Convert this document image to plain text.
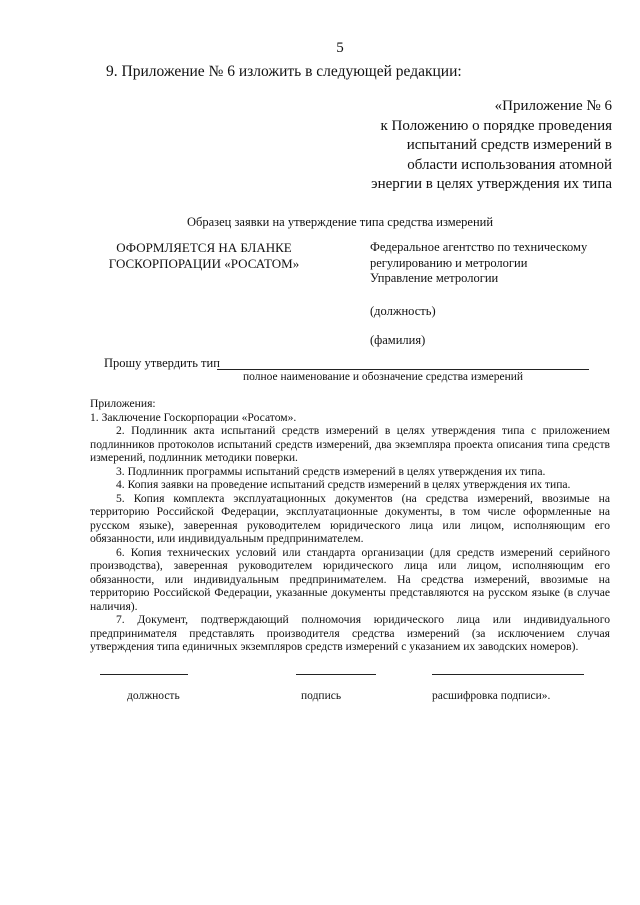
5
9. Приложение № 6 изложить в следующей редакции:
«Приложение № 6
к Положению о порядке проведения
испытаний средств измерений в
области использования атомной
энергии в целях утверждения их типа
Образец заявки на утверждение типа средства измерений
ОФОРМЛЯЕТСЯ НА БЛАНКЕ
ГОСКОРПОРАЦИИ «РОСАТОМ»
Федеральное агентство по техническому
регулированию и метрологии
Управление метрологии
(должность)
(фамилия)
Прошу утвердить тип
полное наименование и обозначение средства измерений

Приложения:

1. Заключение Госкорпорации «Росатом».

2. Подлинник акта испытаний средств измерений в целях утверждения типа с приложением подлинников протоколов испытаний средств измерений, два экземпляра проекта описания типа средств измерений, подлинник методики поверки.

3. Подлинник программы испытаний средств измерений в целях утверждения их типа.

4. Копия заявки на проведение испытаний средств измерений в целях утверждения их типа.

5. Копия комплекта эксплуатационных документов (на средства измерений, ввозимые на территорию Российской Федерации, эксплуатационные документы, в том числе оформленные на русском языке), заверенная руководителем юридического лица или лицом, исполняющим его обязанности, или индивидуальным предпринимателем.

6. Копия технических условий или стандарта организации (для средств измерений серийного производства), заверенная руководителем юридического лица или лицом, исполняющим его обязанности, или индивидуальным предпринимателем. На средства измерений, ввозимые на территорию Российской Федерации, указанные документы представляются на русском языке (в случае наличия).

7. Документ, подтверждающий полномочия юридического лица или индивидуального предпринимателя представлять производителя средства измерений (за исключением случая утверждения типа единичных экземпляров средств измерений с указанием их заводских номеров).

должность	подпись	расшифровка подписи».
